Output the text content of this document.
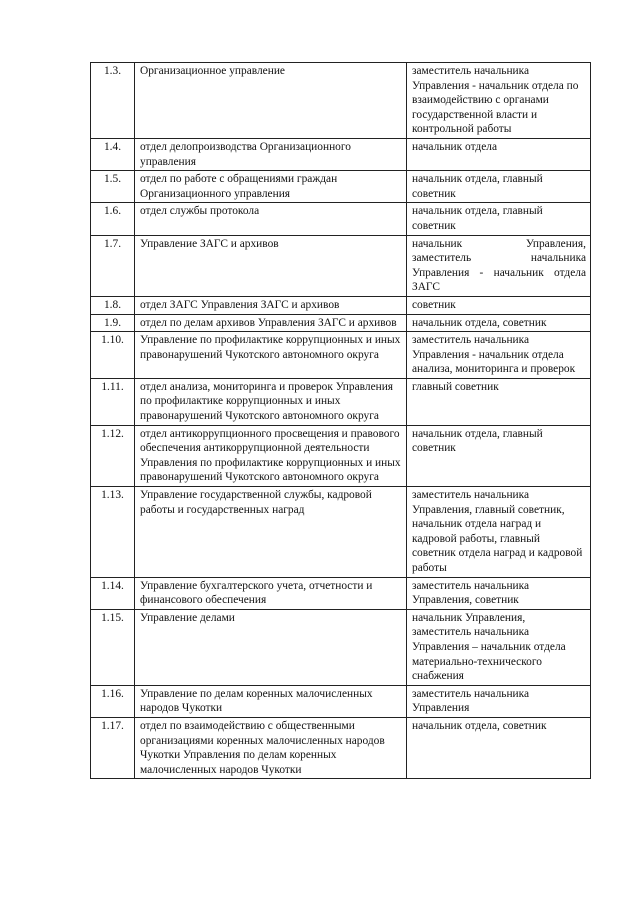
1.3.	Организационное управление	заместитель начальника Управления - начальник отдела по взаимодействию с органами государственной власти и контрольной работы
1.4.	отдел делопроизводства Организационного управления	начальник отдела
1.5.	отдел по работе с обращениями граждан Организационного управления	начальник отдела, главный советник
1.6.	отдел службы протокола	начальник отдела, главный советник
1.7.	Управление ЗАГС и архивов	начальник Управления, заместитель начальника Управления - начальник отдела ЗАГС
1.8.	отдел ЗАГС Управления ЗАГС и архивов	советник
1.9.	отдел по делам архивов Управления ЗАГС и архивов	начальник отдела, советник
1.10.	Управление по профилактике коррупционных и иных правонарушений Чукотского автономного округа	заместитель начальника Управления - начальник отдела анализа, мониторинга и проверок
1.11.	отдел анализа, мониторинга и проверок Управления по профилактике коррупционных и иных правонарушений Чукотского автономного округа	главный советник
1.12.	отдел антикоррупционного просвещения и правового обеспечения антикоррупционной деятельности Управления по профилактике коррупционных и иных правонарушений Чукотского автономного округа	начальник отдела, главный советник
1.13.	Управление государственной службы, кадровой работы и государственных наград	заместитель начальника Управления, главный советник, начальник отдела наград и кадровой работы, главный советник отдела наград и кадровой работы
1.14.	Управление бухгалтерского учета, отчетности и финансового обеспечения	заместитель начальника Управления, советник
1.15.	Управление делами	начальник Управления, заместитель начальника Управления – начальник отдела материально-технического снабжения
1.16.	Управление по делам коренных малочисленных народов Чукотки	заместитель начальника Управления
1.17.	отдел по взаимодействию с общественными организациями коренных малочисленных народов Чукотки Управления по делам коренных малочисленных народов Чукотки	начальник отдела, советник
